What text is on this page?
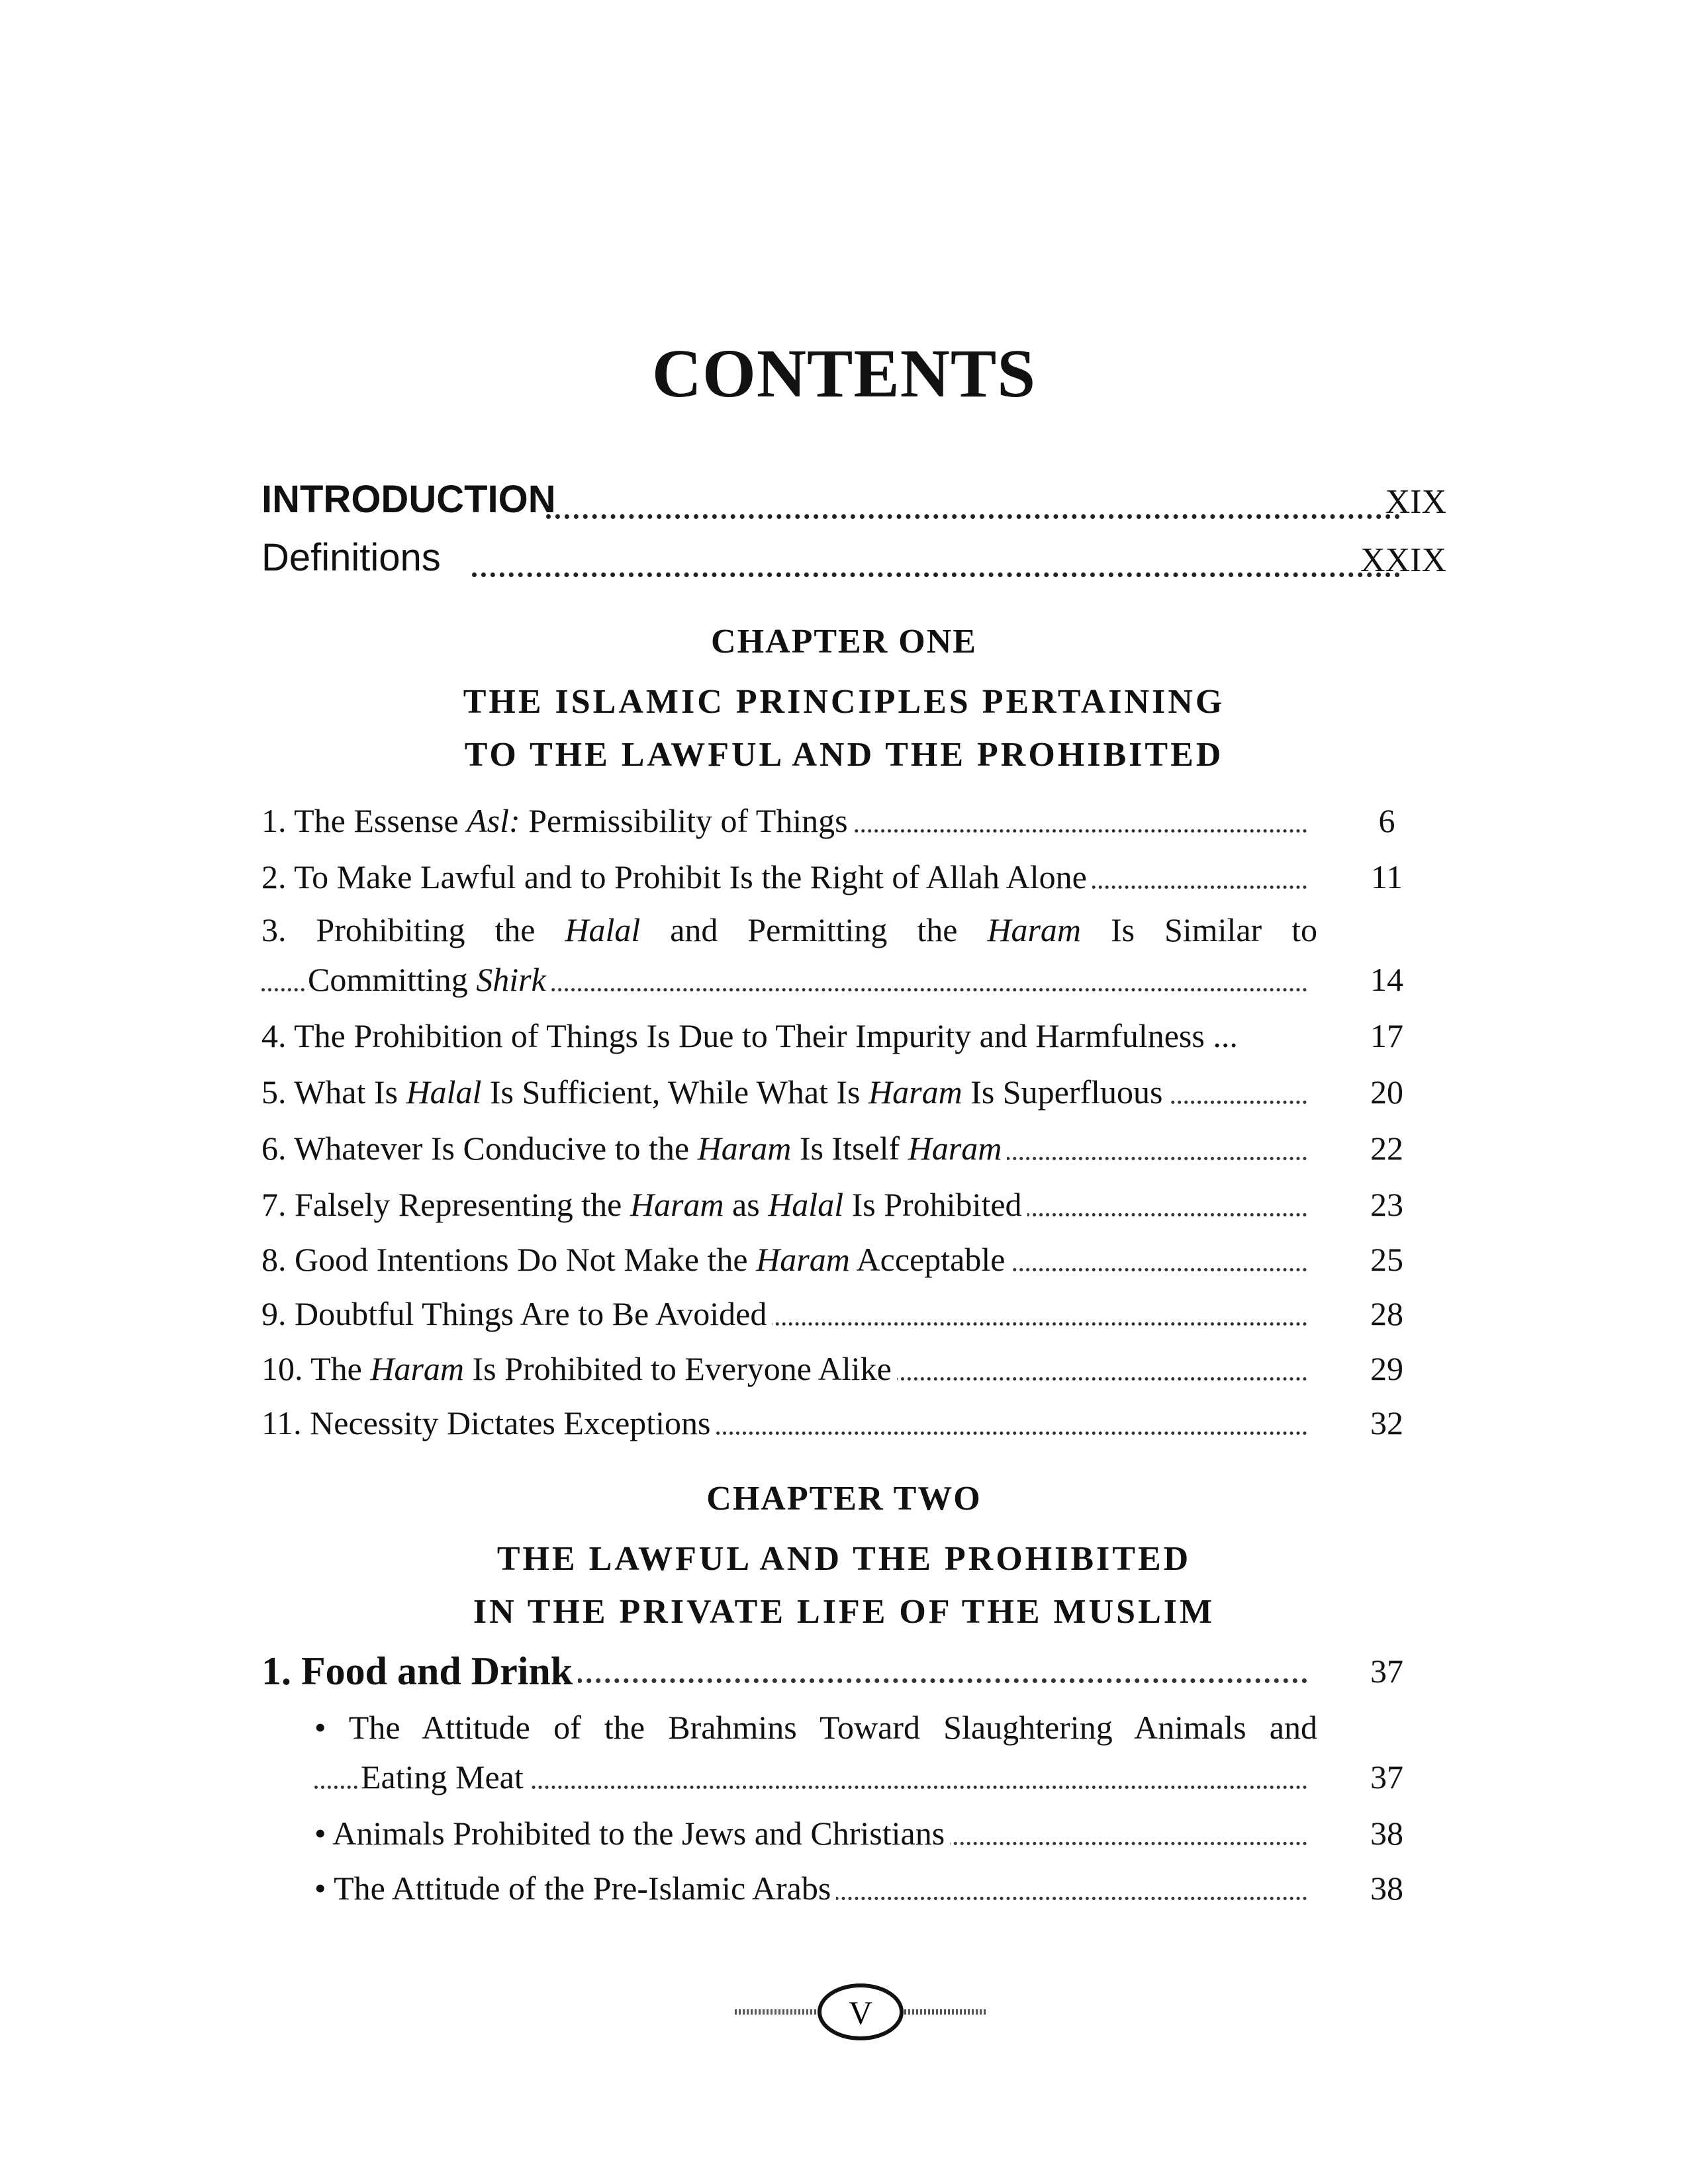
CONTENTS
INTRODUCTION	XIX
Definitions	XXIX
CHAPTER ONE
THE ISLAMIC PRINCIPLES PERTAINING
TO THE LAWFUL AND THE PROHIBITED
1. The Essense Asl: Permissibility of Things	6
2. To Make Lawful and to Prohibit Is the Right of Allah Alone	11
3. Prohibiting the Halal and Permitting the Haram Is Similar to
Committing Shirk	14
4. The Prohibition of Things Is Due to Their Impurity and Harmfulness ...	17
5. What Is Halal Is Sufficient, While What Is Haram Is Superfluous	20
6. Whatever Is Conducive to the Haram Is Itself Haram	22
7. Falsely Representing the Haram as Halal Is Prohibited	23
8. Good Intentions Do Not Make the Haram Acceptable	25
9. Doubtful Things Are to Be Avoided	28
10. The Haram Is Prohibited to Everyone Alike	29
11. Necessity Dictates Exceptions	32
CHAPTER TWO
THE LAWFUL AND THE PROHIBITED
IN THE PRIVATE LIFE OF THE MUSLIM
1. Food and Drink	37
• The Attitude of the Brahmins Toward Slaughtering Animals and
Eating Meat	37
• Animals Prohibited to the Jews and Christians	38
• The Attitude of the Pre-Islamic Arabs	38
V
